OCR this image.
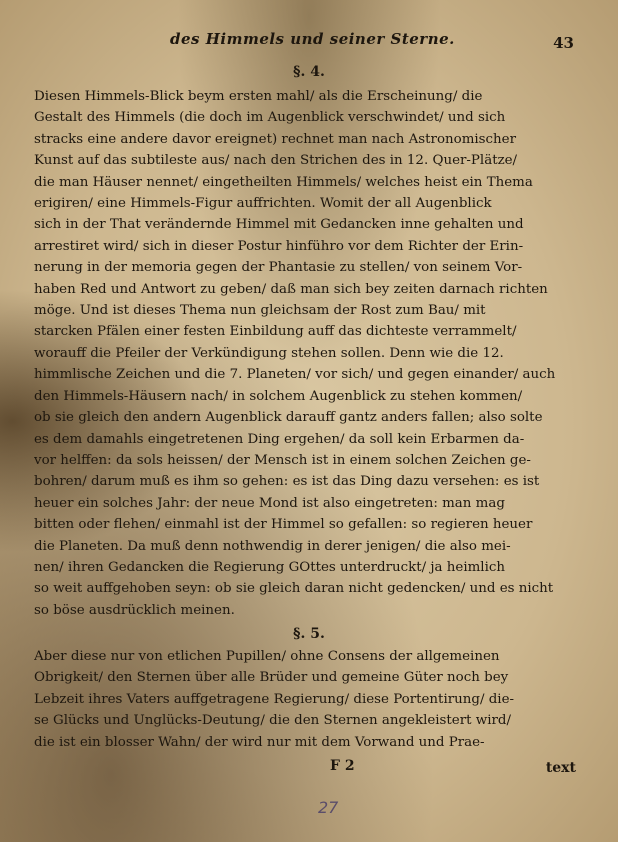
des Himmels und seiner Sterne.	43
§. 4.
Diesen Himmels-Blick beym ersten mahl/ als die Erscheinung/ die
Gestalt des Himmels (die doch im Augenblick verschwindet/ und sich
stracks eine andere davor ereignet) rechnet man nach Astronomischer
Kunst auf das subtileste aus/ nach den Strichen des in 12. Quer-Plätze/
die man Häuser nennet/ eingetheilten Himmels/ welches heist ein Thema
erigiren/ eine Himmels-Figur auffrichten. Womit der all Augenblick
sich in der That verändernde Himmel mit Gedancken inne gehalten und
arrestiret wird/ sich in dieser Postur hinführo vor dem Richter der Erin-
nerung in der memoria gegen der Phantasie zu stellen/ von seinem Vor-
haben Red und Antwort zu geben/ daß man sich bey zeiten darnach richten
möge. Und ist dieses Thema nun gleichsam der Rost zum Bau/ mit
starcken Pfälen einer festen Einbildung auff das dichteste verrammelt/
worauff die Pfeiler der Verkündigung stehen sollen. Denn wie die 12.
himmlische Zeichen und die 7. Planeten/ vor sich/ und gegen einander/ auch
den Himmels-Häusern nach/ in solchem Augenblick zu stehen kommen/
ob sie gleich den andern Augenblick darauff gantz anders fallen; also solte
es dem damahls eingetretenen Ding ergehen/ da soll kein Erbarmen da-
vor helffen: da sols heissen/ der Mensch ist in einem solchen Zeichen ge-
bohren/ darum muß es ihm so gehen: es ist das Ding dazu versehen: es ist
heuer ein solches Jahr: der neue Mond ist also eingetreten: man mag
bitten oder flehen/ einmahl ist der Himmel so gefallen: so regieren heuer
die Planeten. Da muß denn nothwendig in derer jenigen/ die also mei-
nen/ ihren Gedancken die Regierung GOttes unterdruckt/ ja heimlich
so weit auffgehoben seyn: ob sie gleich daran nicht gedencken/ und es nicht
so böse ausdrücklich meinen.
§. 5.
Aber diese nur von etlichen Pupillen/ ohne Consens der allgemeinen
Obrigkeit/ den Sternen über alle Brüder und gemeine Güter noch bey
Lebzeit ihres Vaters auffgetragene Regierung/ diese Portentirung/ die-
se Glücks und Unglücks-Deutung/ die den Sternen angekleistert wird/
die ist ein blosser Wahn/ der wird nur mit dem Vorwand und Prae-
F 2	text
27
